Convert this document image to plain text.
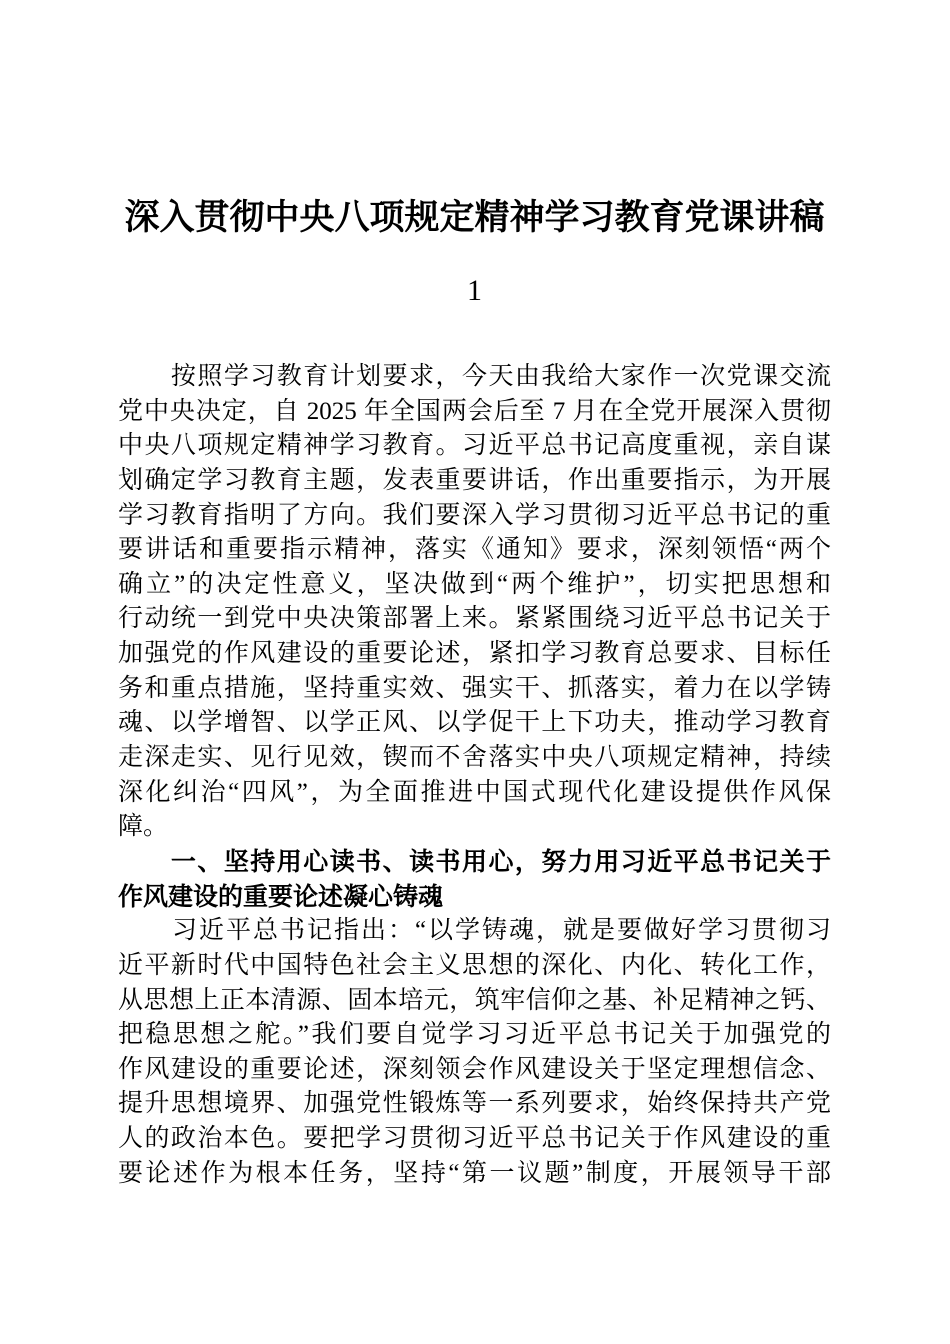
深入贯彻中央八项规定精神学习教育党课讲稿
1
　　按照学习教育计划要求，今天由我给大家作一次党课交流
党中央决定，自 2025 年全国两会后至 7 月在全党开展深入贯彻
中央八项规定精神学习教育。习近平总书记高度重视，亲自谋
划确定学习教育主题，发表重要讲话，作出重要指示，为开展
学习教育指明了方向。我们要深入学习贯彻习近平总书记的重
要讲话和重要指示精神，落实《通知》要求，深刻领悟“两个
确立”的决定性意义，坚决做到“两个维护”，切实把思想和
行动统一到党中央决策部署上来。紧紧围绕习近平总书记关于
加强党的作风建设的重要论述，紧扣学习教育总要求、目标任
务和重点措施，坚持重实效、强实干、抓落实，着力在以学铸
魂、以学增智、以学正风、以学促干上下功夫，推动学习教育
走深走实、见行见效，锲而不舍落实中央八项规定精神，持续
深化纠治“四风”，为全面推进中国式现代化建设提供作风保
障。
　　一、坚持用心读书、读书用心，努力用习近平总书记关于
作风建设的重要论述凝心铸魂
　　习近平总书记指出：“以学铸魂，就是要做好学习贯彻习
近平新时代中国特色社会主义思想的深化、内化、转化工作，
从思想上正本清源、固本培元，筑牢信仰之基、补足精神之钙、
把稳思想之舵。”我们要自觉学习习近平总书记关于加强党的
作风建设的重要论述，深刻领会作风建设关于坚定理想信念、
提升思想境界、加强党性锻炼等一系列要求，始终保持共产党
人的政治本色。要把学习贯彻习近平总书记关于作风建设的重
要论述作为根本任务，坚持“第一议题”制度，开展领导干部
